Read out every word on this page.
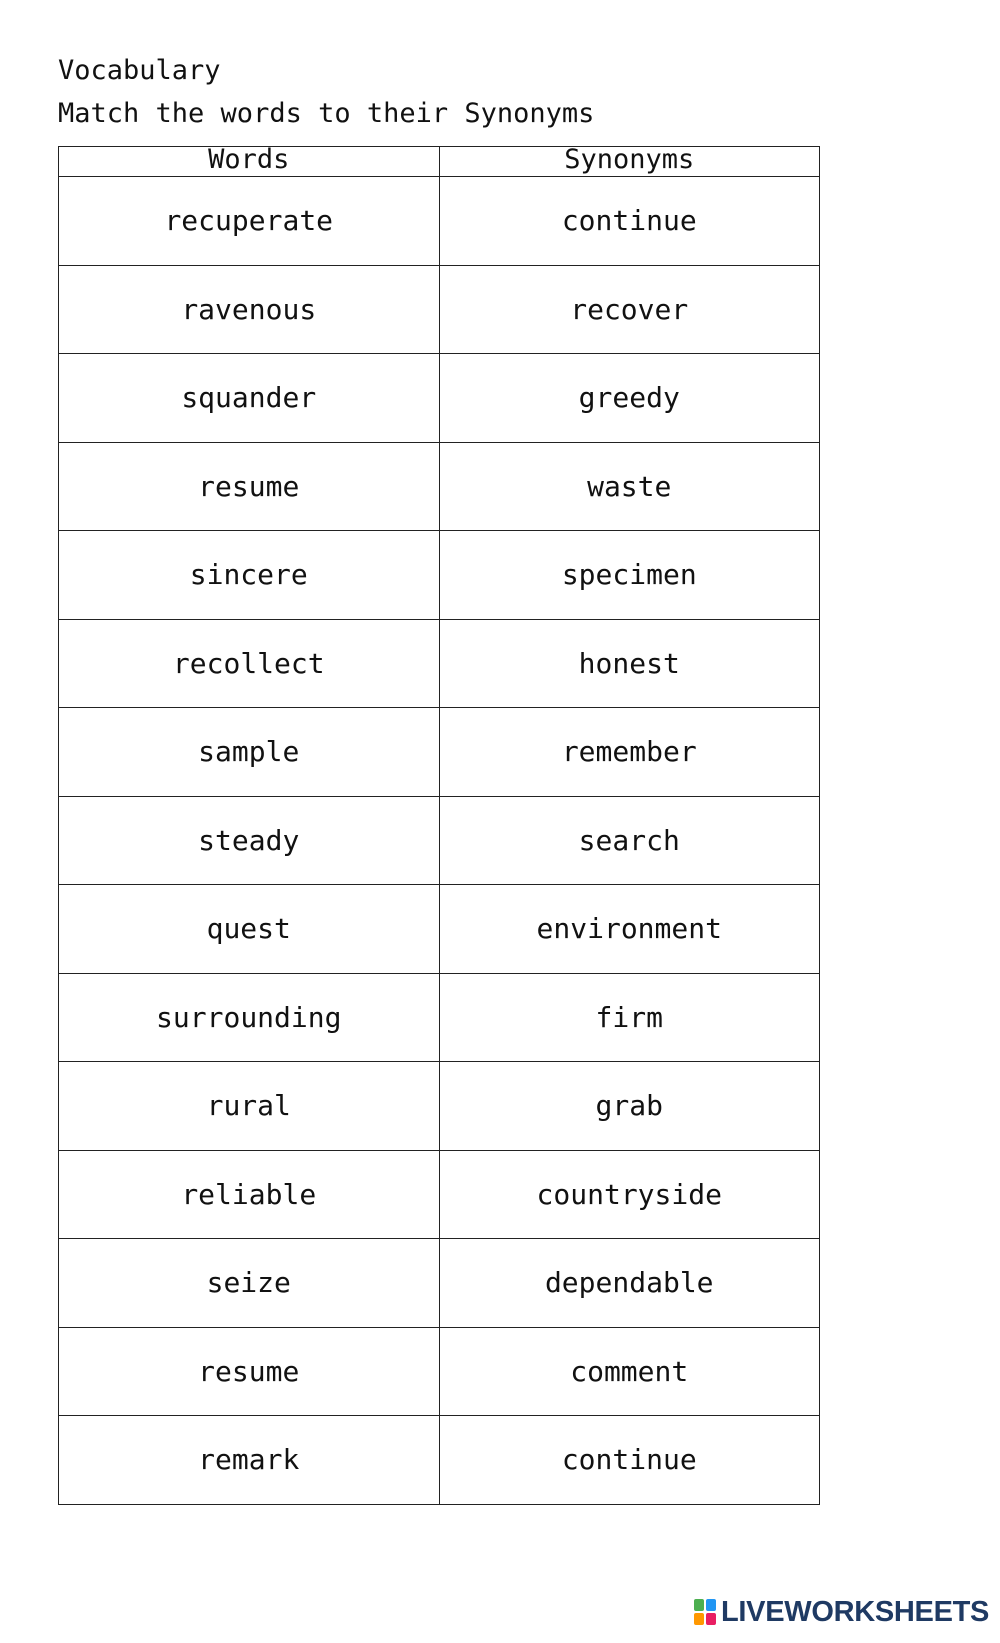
Vocabulary
Match the words to their Synonyms
Words	Synonyms
recuperate	continue
ravenous	recover
squander	greedy
resume	waste
sincere	specimen
recollect	honest
sample	remember
steady	search
quest	environment
surrounding	firm
rural	grab
reliable	countryside
seize	dependable
resume	comment
remark	continue
LIVEWORKSHEETS
